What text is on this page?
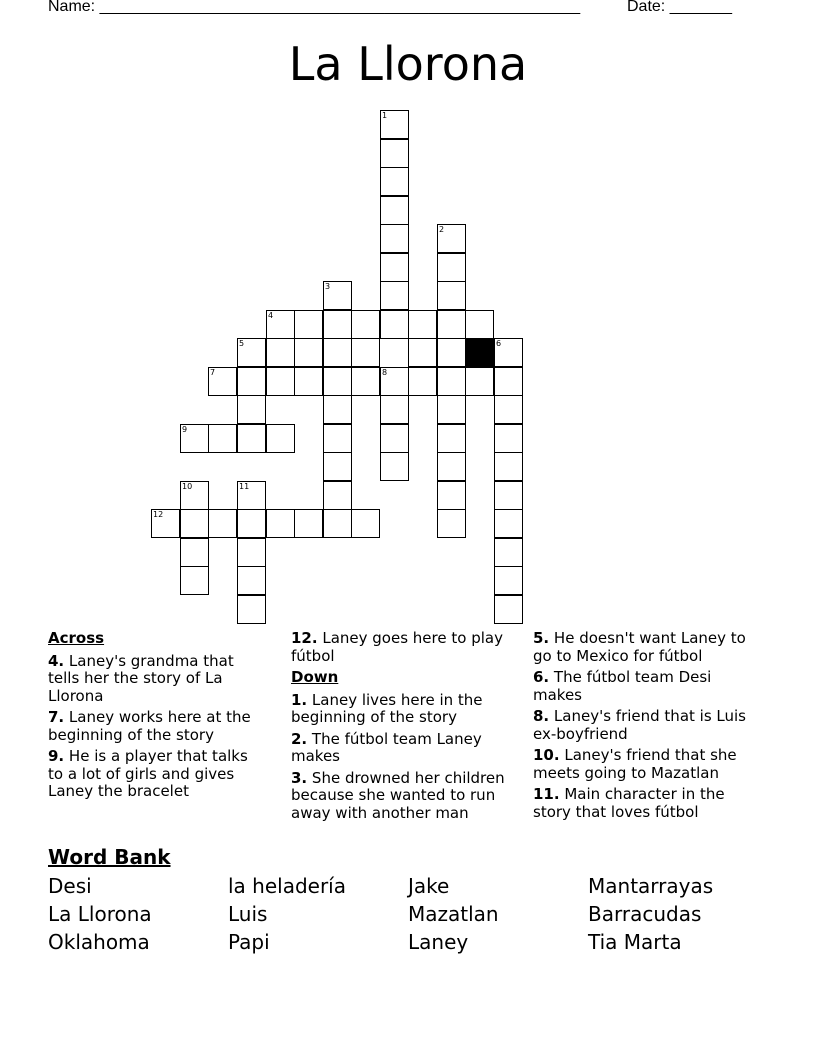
Name: ______________________________________________________	Date: _______
La Llorona
1
2
3
4
5	6
7	8
9
10	11
12
Across
4. Laney's grandma that tells her the story of La Llorona
7. Laney works here at the beginning of the story
9. He is a player that talks to a lot of girls and gives Laney the bracelet
12. Laney goes here to play fútbol
Down
1. Laney lives here in the beginning of the story
2. The fútbol team Laney makes
3. She drowned her children because she wanted to run away with another man
5. He doesn't want Laney to go to Mexico for fútbol
6. The fútbol team Desi makes
8. Laney's friend that is Luis ex-boyfriend
10. Laney's friend that she meets going to Mazatlan
11. Main character in the story that loves fútbol
Word Bank
Desi	la heladería	Jake	Mantarrayas
La Llorona	Luis	Mazatlan	Barracudas
Oklahoma	Papi	Laney	Tia Marta
